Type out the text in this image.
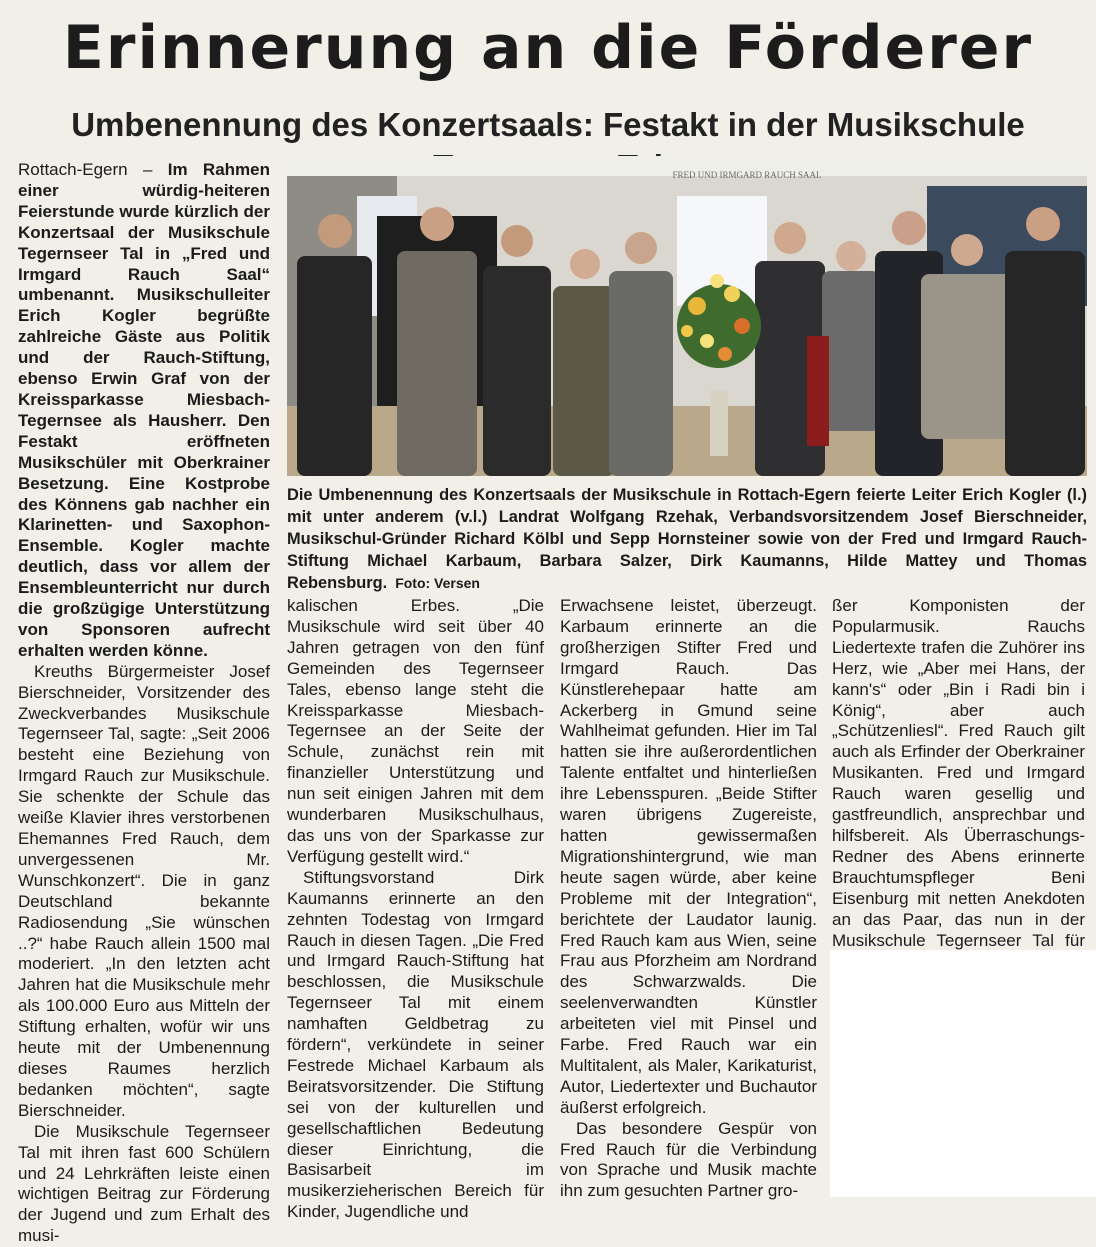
Erinnerung an die Förderer
Umbenennung des Konzertsaals: Festakt in der Musikschule

Rottach-Egern – Im Rahmen einer würdig-heiteren Feierstunde wurde kürzlich der Konzertsaal der Musikschule Tegernseer Tal in „Fred und Irmgard Rauch Saal“ umbenannt. Musikschulleiter Erich Kogler begrüßte zahlreiche Gäste aus Politik und der Rauch-Stiftung, ebenso Erwin Graf von der Kreissparkasse Miesbach-Tegernsee als Hausherr. Den Festakt eröffneten Musikschüler mit Oberkrainer Besetzung. Eine Kostprobe des Könnens gab nachher ein Klarinetten- und Saxophon-Ensemble. Kogler machte deutlich, dass vor allem der Ensembleunterricht nur durch die großzügige Unterstützung von Sponsoren aufrecht erhalten werden könne.

Kreuths Bürgermeister Josef Bierschneider, Vorsitzender des Zweckverbandes Musikschule Tegernseer Tal, sagte: „Seit 2006 besteht eine Beziehung von Irmgard Rauch zur Musikschule. Sie schenkte der Schule das weiße Klavier ihres verstorbenen Ehemannes Fred Rauch, dem unvergessenen Mr. Wunschkonzert“. Die in ganz Deutschland bekannte Radiosendung „Sie wünschen ..?“ habe Rauch allein 1500 mal moderiert. „In den letzten acht Jahren hat die Musikschule mehr als 100.000 Euro aus Mitteln der Stiftung erhalten, wofür wir uns heute mit der Umbenennung dieses Raumes herzlich bedanken möchten“, sagte Bierschneider.

Die Musikschule Tegernseer Tal mit ihren fast 600 Schülern und 24 Lehrkräften leiste einen wichtigen Beitrag zur Förderung der Jugend und zum Erhalt des musi-

FRED UND IRMGARD RAUCH SAAL

Die Umbenennung des Konzertsaals der Musikschule in Rottach-Egern feierte Leiter Erich Kogler (l.) mit unter anderem (v.l.) Landrat Wolfgang Rzehak, Verbandsvorsitzendem Josef Bierschneider, Musikschul-Gründer Richard Kölbl und Sepp Hornsteiner sowie von der Fred und Irmgard Rauch-Stiftung Michael Karbaum, Barbara Salzer, Dirk Kaumanns, Hilde Mattey und Thomas Rebensburg. Foto: Versen

kalischen Erbes. „Die Musikschule wird seit über 40 Jahren getragen von den fünf Gemeinden des Tegernseer Tales, ebenso lange steht die Kreissparkasse Miesbach-Tegernsee an der Seite der Schule, zunächst rein mit finanzieller Unterstützung und nun seit einigen Jahren mit dem wunderbaren Musikschulhaus, das uns von der Sparkasse zur Verfügung gestellt wird.“

Stiftungsvorstand Dirk Kaumanns erinnerte an den zehnten Todestag von Irmgard Rauch in diesen Tagen. „Die Fred und Irmgard Rauch-Stiftung hat beschlossen, die Musikschule Tegernseer Tal mit einem namhaften Geldbetrag zu fördern“, verkündete in seiner Festrede Michael Karbaum als Beiratsvorsitzender. Die Stiftung sei von der kulturellen und gesellschaftlichen Bedeutung dieser Einrichtung, die Basisarbeit im musikerzieherischen Bereich für Kinder, Jugendliche und

Erwachsene leistet, überzeugt. Karbaum erinnerte an die großherzigen Stifter Fred und Irmgard Rauch. Das Künstlerehepaar hatte am Ackerberg in Gmund seine Wahlheimat gefunden. Hier im Tal hatten sie ihre außerordentlichen Talente entfaltet und hinterließen ihre Lebensspuren. „Beide Stifter waren übrigens Zugereiste, hatten gewissermaßen Migrationshintergrund, wie man heute sagen würde, aber keine Probleme mit der Integration“, berichtete der Laudator launig. Fred Rauch kam aus Wien, seine Frau aus Pforzheim am Nordrand des Schwarzwalds. Die seelenverwandten Künstler arbeiteten viel mit Pinsel und Farbe. Fred Rauch war ein Multitalent, als Maler, Karikaturist, Autor, Liedertexter und Buchautor äußerst erfolgreich.

Das besondere Gespür von Fred Rauch für die Verbindung von Sprache und Musik machte ihn zum gesuchten Partner gro-

ßer Komponisten der Popularmusik. Rauchs Liedertexte trafen die Zuhörer ins Herz, wie „Aber mei Hans, der kann's“ oder „Bin i Radi bin i König“, aber auch „Schützenliesl“. Fred Rauch gilt auch als Erfinder der Oberkrainer Musikanten. Fred und Irmgard Rauch waren gesellig und gastfreundlich, ansprechbar und hilfsbereit. Als Überraschungs-Redner des Abens erinnerte Brauchtumspfleger Beni Eisenburg mit netten Anekdoten an das Paar, das nun in der Musikschule Tegernseer Tal für
